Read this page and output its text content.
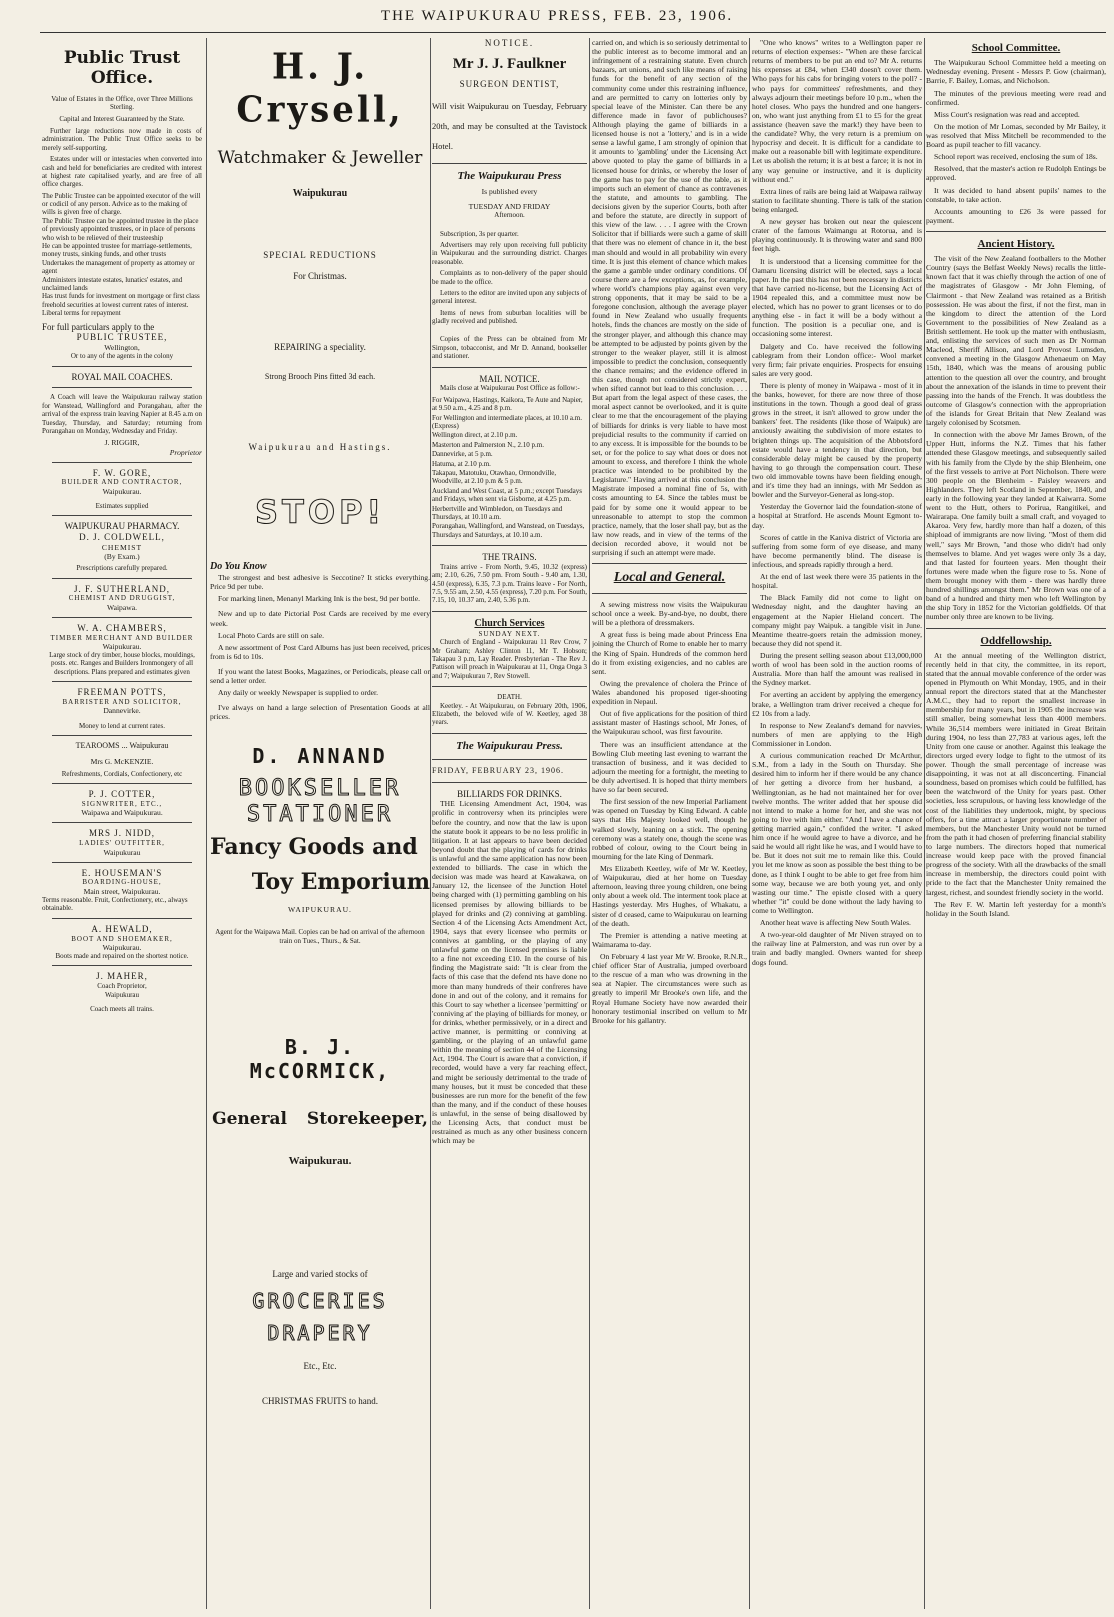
THE WAIPUKURAU PRESS, FEB. 23, 1906.
Public Trust Office.
Value of Estates in the Office, over Three Millions Sterling.
Capital and Interest Guaranteed by the State.

Further large reductions now made in costs of administration. The Public Trust Office seeks to be merely self-supporting.

Estates under will or intestacies when converted into cash and held for beneficiaries are credited with interest at highest rate capitalised yearly, and are free of all office charges.

The Public Trustee can be appointed executor of the will or codicil of any person. Advice as to the making of wills is given free of charge.
The Public Trustee can be appointed trustee in the place of previously appointed trustees, or in place of persons who wish to be relieved of their trusteeship
He can be appointed trustee for marriage-settlements, money trusts, sinking funds, and other trusts
Undertakes the management of property as attorney or agent
Administers intestate estates, lunatics' estates, and unclaimed lands
Has trust funds for investment on mortgage or first class freehold securities at lowest current rates of interest. Liberal terms for repayment
For full particulars apply to the
PUBLIC TRUSTEE,
Wellington,
Or to any of the agents in the colony
ROYAL MAIL COACHES.

A Coach will leave the Waipukurau railway station for Wanstead, Wallingford and Porangahau, after the arrival of the express train leaving Napier at 8.45 a.m on Tuesday, Thursday, and Saturday; returning from Porangahau on Monday, Wednesday and Friday.

J. RIGGIR,
Proprietor
F. W. GORE,
BUILDER AND CONTRACTOR,
Waipukurau.
Estimates supplied
WAIPUKURAU PHARMACY.
D. J. COLDWELL,
CHEMIST
(By Exam.)
Prescriptions carefully prepared.
J. F. SUTHERLAND,
CHEMIST AND DRUGGIST,
Waipawa.
W. A. CHAMBERS,
TIMBER MERCHANT AND BUILDER
Waipukurau.
Large stock of dry timber, house blocks, mouldings, posts. etc. Ranges and Builders Ironmongery of all descriptions. Plans prepared and estimates given
FREEMAN POTTS,
BARRISTER AND SOLICITOR,
Dannevirke.
Money to lend at current rates.
TEAROOMS ... Waipukurau
Mrs G. McKENZIE.
Refreshments, Cordials, Confectionery, etc
P. J. COTTER,
SIGNWRITER, ETC.,
Waipawa and Waipukurau.
MRS J. NIDD,
LADIES' OUTFITTER,
Waipukurau
E. HOUSEMAN'S
BOARDING-HOUSE,
Main street, Waipukurau.
Terms reasonable. Fruit, Confectionery, etc., always obtainable.
A. HEWALD,
BOOT AND SHOEMAKER,
Waipukurau.
Boots made and repaired on the shortest notice.
J. MAHER,
Coach Proprietor,
Waipukurau
Coach meets all trains.
H. J. Crysell,
Watchmaker & Jeweller
Waipukurau
SPECIAL REDUCTIONS
For Christmas.
REPAIRING a speciality.
Strong Brooch Pins fitted 3d each.
Waipukurau and Hastings.
STOP!
Do You Know

The strongest and best adhesive is Seccotine? It sticks everything. Price 9d per tube.

For marking linen, Menanyl Marking Ink is the best, 9d per bottle.

New and up to date Pictorial Post Cards are received by me every week.

Local Photo Cards are still on sale.

A new assortment of Post Card Albums has just been received, prices from is 6d to 10s.

If you want the latest Books, Magazines, or Periodicals, please call or send a letter order.

Any daily or weekly Newspaper is supplied to order.

I've always on hand a large selection of Presentation Goods at all prices.

D. ANNAND
BOOKSELLER
STATIONER
Fancy Goods and
Toy Emporium
WAIPUKURAU.
Agent for the Waipawa Mail. Copies can be had on arrival of the afternoon train on Tues., Thurs., & Sat.
B. J. McCORMICK,
General Storekeeper,
Waipukurau.
Large and varied stocks of
GROCERIES
DRAPERY
Etc., Etc.
CHRISTMAS FRUITS to hand.
NOTICE.
Mr J. J. Faulkner
SURGEON DENTIST,

Will visit Waipukurau on Tuesday, February 20th, and may be consulted at the Tavistock Hotel.

The Waipukurau Press
Is published every
TUESDAY AND FRIDAY
Afternoon.

Subscription, 3s per quarter.

Advertisers may rely upon receiving full publicity in Waipukurau and the surrounding district. Charges reasonable.

Complaints as to non-delivery of the paper should be made to the office.

Letters to the editor are invited upon any subjects of general interest.

Items of news from suburban localities will be gladly received and published.

Copies of the Press can be obtained from Mr Simpson, tobacconist, and Mr D. Annand, bookseller and stationer.

MAIL NOTICE.

Mails close at Waipukurau Post Office as follow:-

For Waipawa, Hastings, Kaikora, Te Aute and Napier, at 9.50 a.m., 4.25 and 8 p.m.
For Wellington and intermediate places, at 10.10 a.m. (Express)
Wellington direct, at 2.10 p.m.
Masterton and Palmerston N., 2.10 p.m.
Dannevirke, at 5 p.m.
Hatuma, at 2.10 p.m.
Takapau, Matotuku, Otawhao, Ormondville, Woodville, at 2.10 p.m & 5 p.m.
Auckland and West Coast, at 5 p.m.; except Tuesdays and Fridays, when sent via Gisborne, at 4.25 p.m.
Herbertville and Wimbledon, on Tuesdays and Thursdays, at 10.10 a.m.
Porangahau, Wallingford, and Wanstead, on Tuesdays, Thursdays and Saturdays, at 10.10 a.m.
THE TRAINS.

Trains arrive - From North, 9.45, 10.32 (express) am; 2.10, 6.26, 7.50 pm. From South - 9.40 am, 1.30, 4.50 (express), 6.35, 7.3 p.m. Trains leave - For North, 7.5, 9.55 am, 2.50, 4.55 (express), 7.20 p.m. For South, 7.15, 10, 10.37 am, 2.40, 5.36 p.m.

Church Services
SUNDAY NEXT.

Church of England - Waipukurau 11 Rev Crow, 7 Mr Graham; Ashley Clinton 11, Mr T. Hobson; Takapau 3 p.m, Lay Reader. Presbyterian - The Rev J. Pattison will preach in Waipukurau at 11, Onga Onga 3 and 7; Waipukurau 7, Rev Stowell.

DEATH.

Keetley. - At Waipukurau, on February 20th, 1906, Elizabeth, the beloved wife of W. Keetley, aged 38 years.

The Waipukurau Press.
FRIDAY, FEBRUARY 23, 1906.
BILLIARDS FOR DRINKS.

THE Licensing Amendment Act, 1904, was prolific in controversy when its principles were before the country, and now that the law is upon the statute book it appears to be no less prolific in litigation. It at last appears to have been decided beyond doubt that the playing of cards for drinks is unlawful and the same application has now been extended to billiards. The case in which the decision was made was heard at Kawakawa, on January 12, the licensee of the Junction Hotel being charged with (1) permitting gambling on his licensed premises by allowing billiards to be played for drinks and (2) conniving at gambling. Section 4 of the Licensing Acts Amendment Act, 1904, says that every licensee who permits or connives at gambling, or the playing of any unlawful game on the licensed premises is liable to a fine not exceeding £10. In the course of his finding the Magistrate said: "It is clear from the facts of this case that the defend nts have done no more than many hundreds of their confreres have done in and out of the colony, and it remains for this Court to say whether a licensee 'permitting' or 'conniving at' the playing of billiards for money, or for drinks, whether permissively, or in a direct and active manner, is permitting or conniving at gambling, or the playing of an unlawful game within the meaning of section 44 of the Licensing Act, 1904. The Court is aware that a conviction, if recorded, would have a very far reaching effect, and might be seriously detrimental to the trade of many houses, but it must be conceded that these businesses are run more for the benefit of the few than the many, and if the conduct of these houses is unlawful, in the sense of being disallowed by the Licensing Acts, that conduct must be restrained as much as any other business concern which may be

carried on, and which is so seriously detrimental to the public interest as to become immoral and an infringement of a restraining statute. Even church bazaars, art unions, and such like means of raising funds for the benefit of any section of the community come under this restraining influence, and are permitted to carry on lotteries only by special leave of the Minister. Can there be any difference made in favor of publichouses? Although playing the game of billiards in a licensed house is not a 'lottery,' and is in a wide sense a lawful game, I am strongly of opinion that it amounts to 'gambling' under the Licensing Act above quoted to play the game of billiards in a licensed house for drinks, or whereby the loser of the game has to pay for the use of the table, as it imports such an element of chance as contravenes the statute, and amounts to gambling. The decisions given by the superior Courts, both after and before the statute, are directly in support of this view of the law. . . . I agree with the Crown Solicitor that if billiards were such a game of skill that there was no element of chance in it, the best man should and would in all probability win every time. It is just this element of chance which makes the game a gamble under ordinary conditions. Of course there are a few exceptions, as, for example, where world's champions play against even very strong opponents, that it may be said to be a foregone conclusion, although the average player found in New Zealand who usually frequents hotels, finds the chances are mostly on the side of the stronger player, and although this chance may be attempted to be adjusted by points given by the stronger to the weaker player, still it is almost impossible to predict the conclusion, consequently the chance remains; and the evidence offered in this case, though not considered strictly expert, when sifted cannot but lead to this conclusion. . . . But apart from the legal aspect of these cases, the moral aspect cannot be overlooked, and it is quite clear to me that the encouragement of the playing of billiards for drinks is very liable to have most prejudicial results to the community if carried on to any excess. It is impossible for the bounds to be set, or for the police to say what does or does not amount to excess, and therefore I think the whole practice was intended to be prohibited by the Legislature." Having arrived at this conclusion the Magistrate imposed a nominal fine of 5s, with costs amounting to £4. Since the tables must be paid for by some one it would appear to be unreasonable to attempt to stop the common practice, namely, that the loser shall pay, but as the law now reads, and in view of the terms of the decision recorded above, it would not be surprising if such an attempt were made.

Local and General.

A sewing mistress now visits the Waipukurau school once a week. By-and-bye, no doubt, there will be a plethora of dressmakers.

A great fuss is being made about Princess Ena joining the Church of Rome to enable her to marry the King of Spain. Hundreds of the common herd do it from existing exigencies, and no cables are sent.

Owing the prevalence of cholera the Prince of Wales abandoned his proposed tiger-shooting expedition in Nepaul.

Out of five applications for the position of third assistant master of Hastings school, Mr Jones, of the Waipukurau school, was first favourite.

There was an insufficient attendance at the Bowling Club meeting last evening to warrant the transaction of business, and it was decided to adjourn the meeting for a fortnight, the meeting to be duly advertised. It is hoped that thirty members have so far been secured.

The first session of the new Imperial Parliament was opened on Tuesday by King Edward. A cable says that His Majesty looked well, though he walked slowly, leaning on a stick. The opening ceremony was a stately one, though the scene was robbed of colour, owing to the Court being in mourning for the late King of Denmark.

Mrs Elizabeth Keetley, wife of Mr W. Keetley, of Waipukurau, died at her home on Tuesday afternoon, leaving three young children, one being only about a week old. The interment took place at Hastings yesterday. Mrs Hughes, of Whakatu, a sister of d ceased, came to Waipukurau on learning of the death.

The Premier is attending a native meeting at Waimarama to-day.

On February 4 last year Mr W. Brooke, R.N.R., chief officer Star of Australia, jumped overboard to the rescue of a man who was drowning in the sea at Napier. The circumstances were such as greatly to imperil Mr Brooke's own life, and the Royal Humane Society have now awarded their honorary testimonial inscribed on vellum to Mr Brooke for his gallantry.

"One who knows" writes to a Wellington paper re returns of election expenses:- "When are these farcical returns of members to be put an end to? Mr A. returns his expenses at £84, when £340 doesn't cover them. Who pays for his cabs for bringing voters to the poll? - who pays for committees' refreshments, and they always adjourn their meetings before 10 p.m., when the hotel closes. Who pays the hundred and one hangers-on, who want just anything from £1 to £5 for the great assistance (heaven save the mark!) they have been to the candidate? Why, the very return is a premium on hypocrisy and deceit. It is difficult for a candidate to make out a reasonable bill with legitimate expenditure. Let us abolish the return; it is at best a farce; it is not in any way genuine or instructive, and it is duplicity without end."

Extra lines of rails are being laid at Waipawa railway station to facilitate shunting. There is talk of the station being enlarged.

A new geyser has broken out near the quiescent crater of the famous Waimangu at Rotorua, and is playing continuously. It is throwing water and sand 800 feet high.

It is understood that a licensing committee for the Oamaru licensing district will be elected, says a local paper. In the past this has not been necessary in districts that have carried no-license, but the Licensing Act of 1904 repealed this, and a committee must now be elected, which has no power to grant licenses or to do anything else - in fact it will be a body without a function. The position is a peculiar one, and is occasioning some interest.

Dalgety and Co. have received the following cablegram from their London office:- Wool market very firm; fair private enquiries. Prospects for ensuing sales are very good.

There is plenty of money in Waipawa - most of it in the banks, however, for there are now three of those institutions in the town. Though a good deal of grass grows in the street, it isn't allowed to grow under the bankers' feet. The residents (like those of Waipuk) are anxiously awaiting the subdivision of more estates to brighten things up. The acquisition of the Abbotsford estate would have a tendency in that direction, but considerable delay might be caused by the property having to go through the compensation court. These two old immovable towns have been fielding enough, and it's time they had an innings, with Mr Seddon as bowler and the Surveyor-General as long-stop.

Yesterday the Governor laid the foundation-stone of a hospital at Stratford. He ascends Mount Egmont to-day.

Scores of cattle in the Kaniva district of Victoria are suffering from some form of eye disease, and many have become permanently blind. The disease is infectious, and spreads rapidly through a herd.

At the end of last week there were 35 patients in the hospital.

The Black Family did not come to light on Wednesday night, and the daughter having an engagement at the Napier Hieland concert. The company might pay Waipuk. a tangible visit in June. Meantime theatre-goers retain the admission money, because they did not spend it.

During the present selling season about £13,000,000 worth of wool has been sold in the auction rooms of Australia. More than half the amount was realised in the Sydney market.

For averting an accident by applying the emergency brake, a Wellington tram driver received a cheque for £2 10s from a lady.

In response to New Zealand's demand for navvies, numbers of men are applying to the High Commissioner in London.

A curious communication reached Dr McArthur, S.M., from a lady in the South on Thursday. She desired him to inform her if there would be any chance of her getting a divorce from her husband, a Wellingtonian, as he had not maintained her for over twelve months. The writer added that her spouse did not intend to make a home for her, and she was not going to live with him either. "And I have a chance of getting married again," confided the writer. "I asked him once if he would agree to have a divorce, and he said he would all right like he was, and I would have to be. But it does not suit me to remain like this. Could you let me know as soon as possible the best thing to be done, as I think I ought to be able to get free from him some way, because we are both young yet, and only wasting our time." The epistle closed with a query whether "it" could be done without the lady having to come to Wellington.

Another heat wave is affecting New South Wales.

A two-year-old daughter of Mr Niven strayed on to the railway line at Palmerston, and was run over by a train and badly mangled. Owners wanted for sheep dogs found.

School Committee.

The Waipukurau School Committee held a meeting on Wednesday evening. Present - Messrs P. Gow (chairman), Barrie, F. Bailey, Lomas, and Nicholson.

The minutes of the previous meeting were read and confirmed.

Miss Court's resignation was read and accepted.

On the motion of Mr Lomas, seconded by Mr Bailey, it was resolved that Miss Mitchell be recommended to the Board as pupil teacher to fill vacancy.

School report was received, enclosing the sum of 18s.

Resolved, that the master's action re Rudolph Entings be approved.

It was decided to hand absent pupils' names to the constable, to take action.

Accounts amounting to £26 3s were passed for payment.

Ancient History.

The visit of the New Zealand footballers to the Mother Country (says the Belfast Weekly News) recalls the little-known fact that it was chiefly through the action of one of the magistrates of Glasgow - Mr John Fleming, of Clairmont - that New Zealand was retained as a British possession. He was about the first, if not the first, man in the kingdom to direct the attention of the Lord Government to the possibilities of New Zealand as a British settlement. He took up the matter with enthusiasm, and, enlisting the services of such men as Dr Norman Macleod, Sheriff Allison, and Lord Provost Lumsden, convened a meeting in the Glasgow Athenaeum on May 15th, 1840, which was the means of arousing public attention to the question all over the country, and brought about the annexation of the islands in time to prevent their passing into the hands of the French. It was doubtless the outcome of Glasgow's connection with the appropriation of the islands for Great Britain that New Zealand was largely colonised by Scotsmen.

In connection with the above Mr James Brown, of the Upper Hutt, informs the N.Z. Times that his father attended these Glasgow meetings, and subsequently sailed with his family from the Clyde by the ship Blenheim, one of the first vessels to arrive at Port Nicholson. There were 300 people on the Blenheim - Paisley weavers and Highlanders. They left Scotland in September, 1840, and early in the following year they landed at Kaiwarra. Some went to the Hutt, others to Porirua, Rangitikei, and Wairarapa. One family built a small craft, and voyaged to Akaroa. Very few, hardly more than half a dozen, of this shipload of immigrants are now living. "Most of them did well," says Mr Brown, "and those who didn't had only themselves to blame. And yet wages were only 3s a day, and that lasted for fourteen years. Men thought their fortunes were made when the figure rose to 5s. None of them brought money with them - there was hardly three hundred shillings amongst them." Mr Brown was one of a band of a hundred and thirty men who left Wellington by the ship Tory in 1852 for the Victorian goldfields. Of that number only three are known to be living.

Oddfellowship.

At the annual meeting of the Wellington district, recently held in that city, the committee, in its report, stated that the annual movable conference of the order was opened in Plymouth on Whit Monday, 1905, and in their annual report the directors stated that at the Manchester A.M.C., they had to report the smallest increase in membership for many years, but in 1905 the increase was still smaller, being somewhat less than 4000 members. While 36,514 members were initiated in Great Britain during 1904, no less than 27,783 at various ages, left the Unity from one cause or another. Against this leakage the directors urged every lodge to fight to the utmost of its power. Though the small percentage of increase was disappointing, it was not at all disconcerting. Financial soundness, based on promises which could be fulfilled, has been the watchword of the Unity for years past. Other societies, less scrupulous, or having less knowledge of the cost of the liabilities they undertook, might, by specious offers, for a time attract a larger proportionate number of members, but the Manchester Unity would not be turned from the path it had chosen of preferring financial stability to large numbers. The directors hoped that numerical increase would keep pace with the proved financial progress of the society. With all the drawbacks of the small increase in membership, the directors could point with pride to the fact that the Manchester Unity remained the largest, richest, and soundest friendly society in the world.

The Rev F. W. Martin left yesterday for a month's holiday in the South Island.
